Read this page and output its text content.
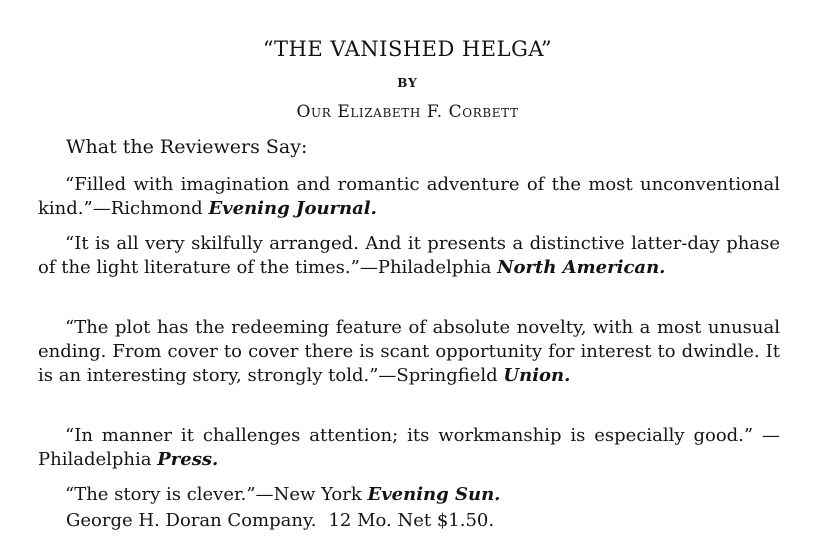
“THE VANISHED HELGA”
BY
Our Elizabeth F. Corbett
What the Reviewers Say:

“Filled with imagination and romantic adventure of the most unconventional kind.”—Richmond Evening Journal.

“It is all very skilfully arranged. And it presents a distinctive latter-day phase of the light literature of the times.”—Philadelphia North American.

“The plot has the redeeming feature of absolute novelty, with a most unusual ending. From cover to cover there is scant opportunity for interest to dwindle. It is an interesting story, strongly told.”—Springfield Union.

“In manner it challenges attention; its workmanship is especially good.” —Philadelphia Press.

“The story is clever.”—New York Evening Sun.

George H. Doran Company. 12 Mo. Net $1.50.
